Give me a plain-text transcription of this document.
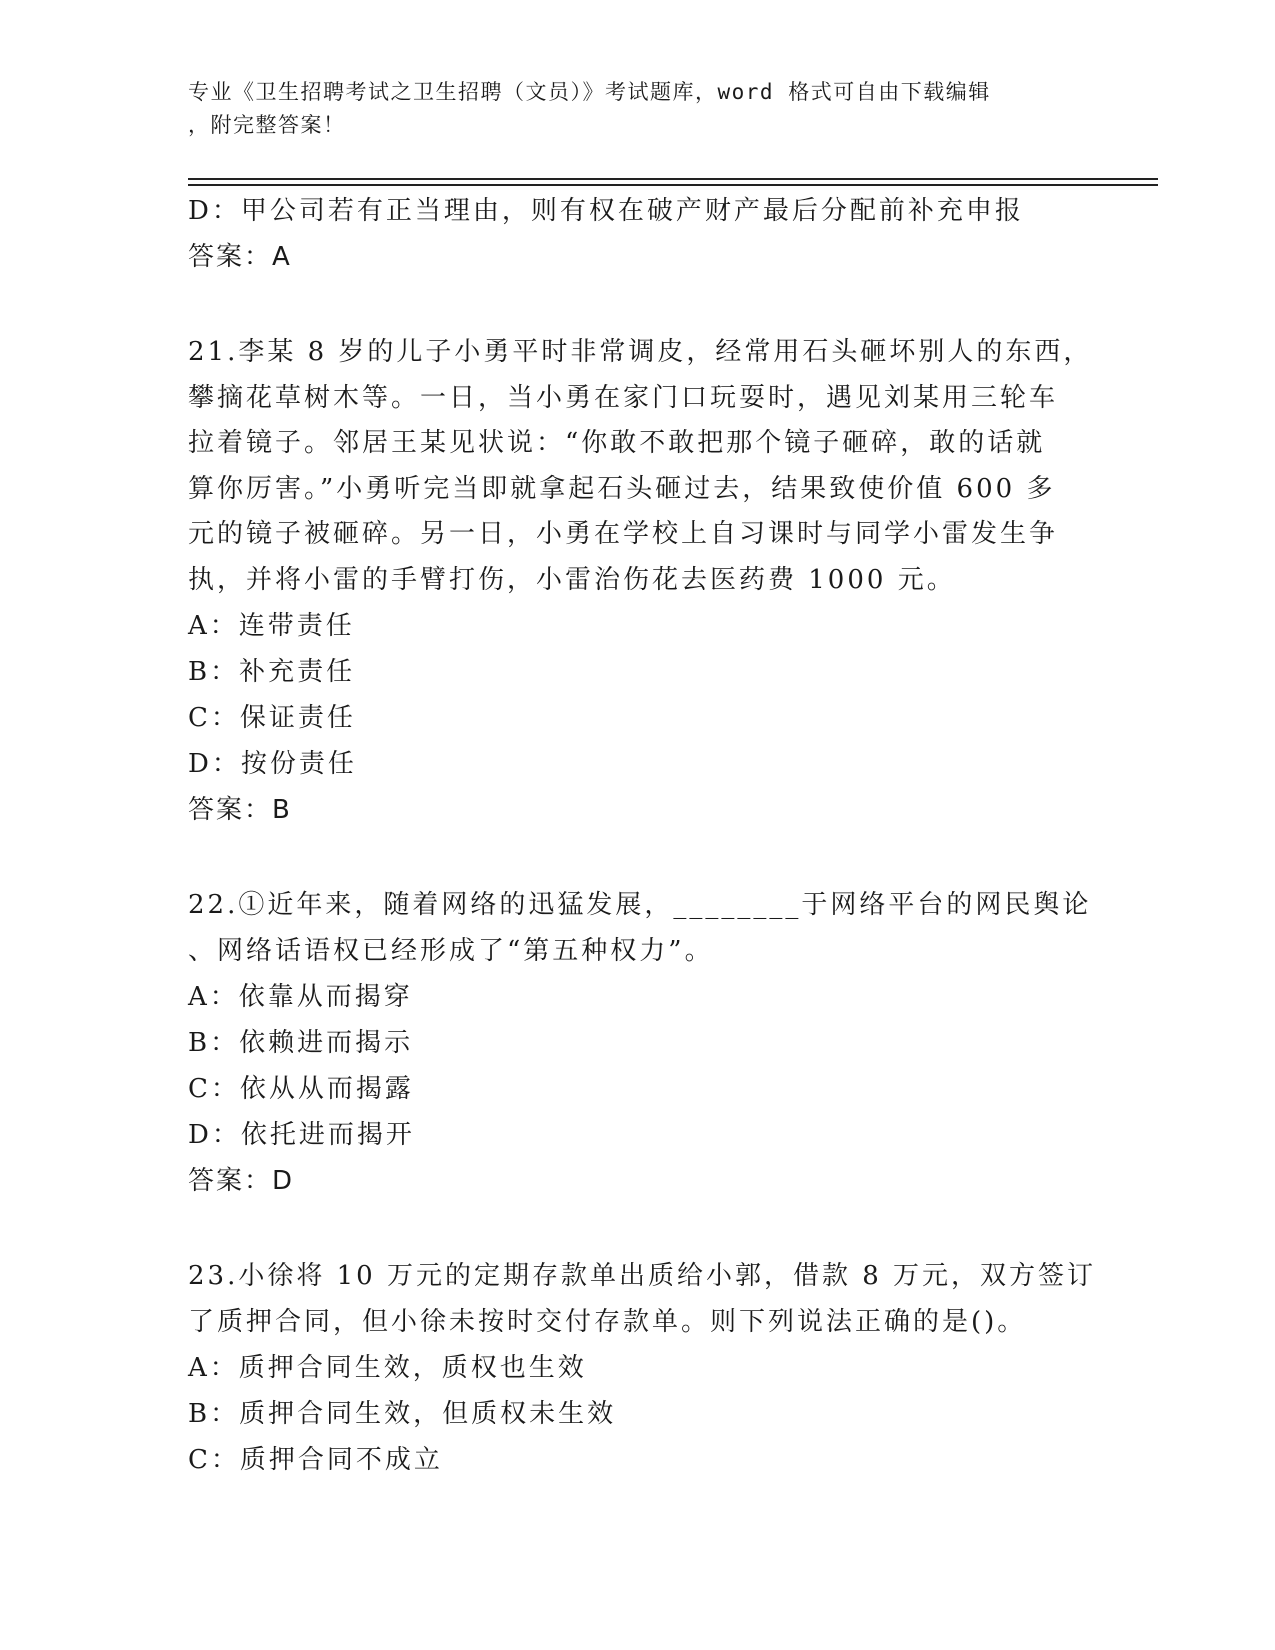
专业《卫生招聘考试之卫生招聘（文员）》考试题库，word 格式可自由下载编辑
，附完整答案！
D：甲公司若有正当理由，则有权在破产财产最后分配前补充申报
答案：A
21.李某 8 岁的儿子小勇平时非常调皮，经常用石头砸坏别人的东西，
攀摘花草树木等。一日，当小勇在家门口玩耍时，遇见刘某用三轮车
拉着镜子。邻居王某见状说：“你敢不敢把那个镜子砸碎，敢的话就
算你厉害。”小勇听完当即就拿起石头砸过去，结果致使价值 600 多
元的镜子被砸碎。另一日，小勇在学校上自习课时与同学小雷发生争
执，并将小雷的手臂打伤，小雷治伤花去医药费 1000 元。
A：连带责任
B：补充责任
C：保证责任
D：按份责任
答案：B
22.①近年来，随着网络的迅猛发展，________于网络平台的网民舆论
、网络话语权已经形成了“第五种权力”。
A：依靠从而揭穿
B：依赖进而揭示
C：依从从而揭露
D：依托进而揭开
答案：D
23.小徐将 10 万元的定期存款单出质给小郭，借款 8 万元，双方签订
了质押合同，但小徐未按时交付存款单。则下列说法正确的是()。
A：质押合同生效，质权也生效
B：质押合同生效，但质权未生效
C：质押合同不成立
